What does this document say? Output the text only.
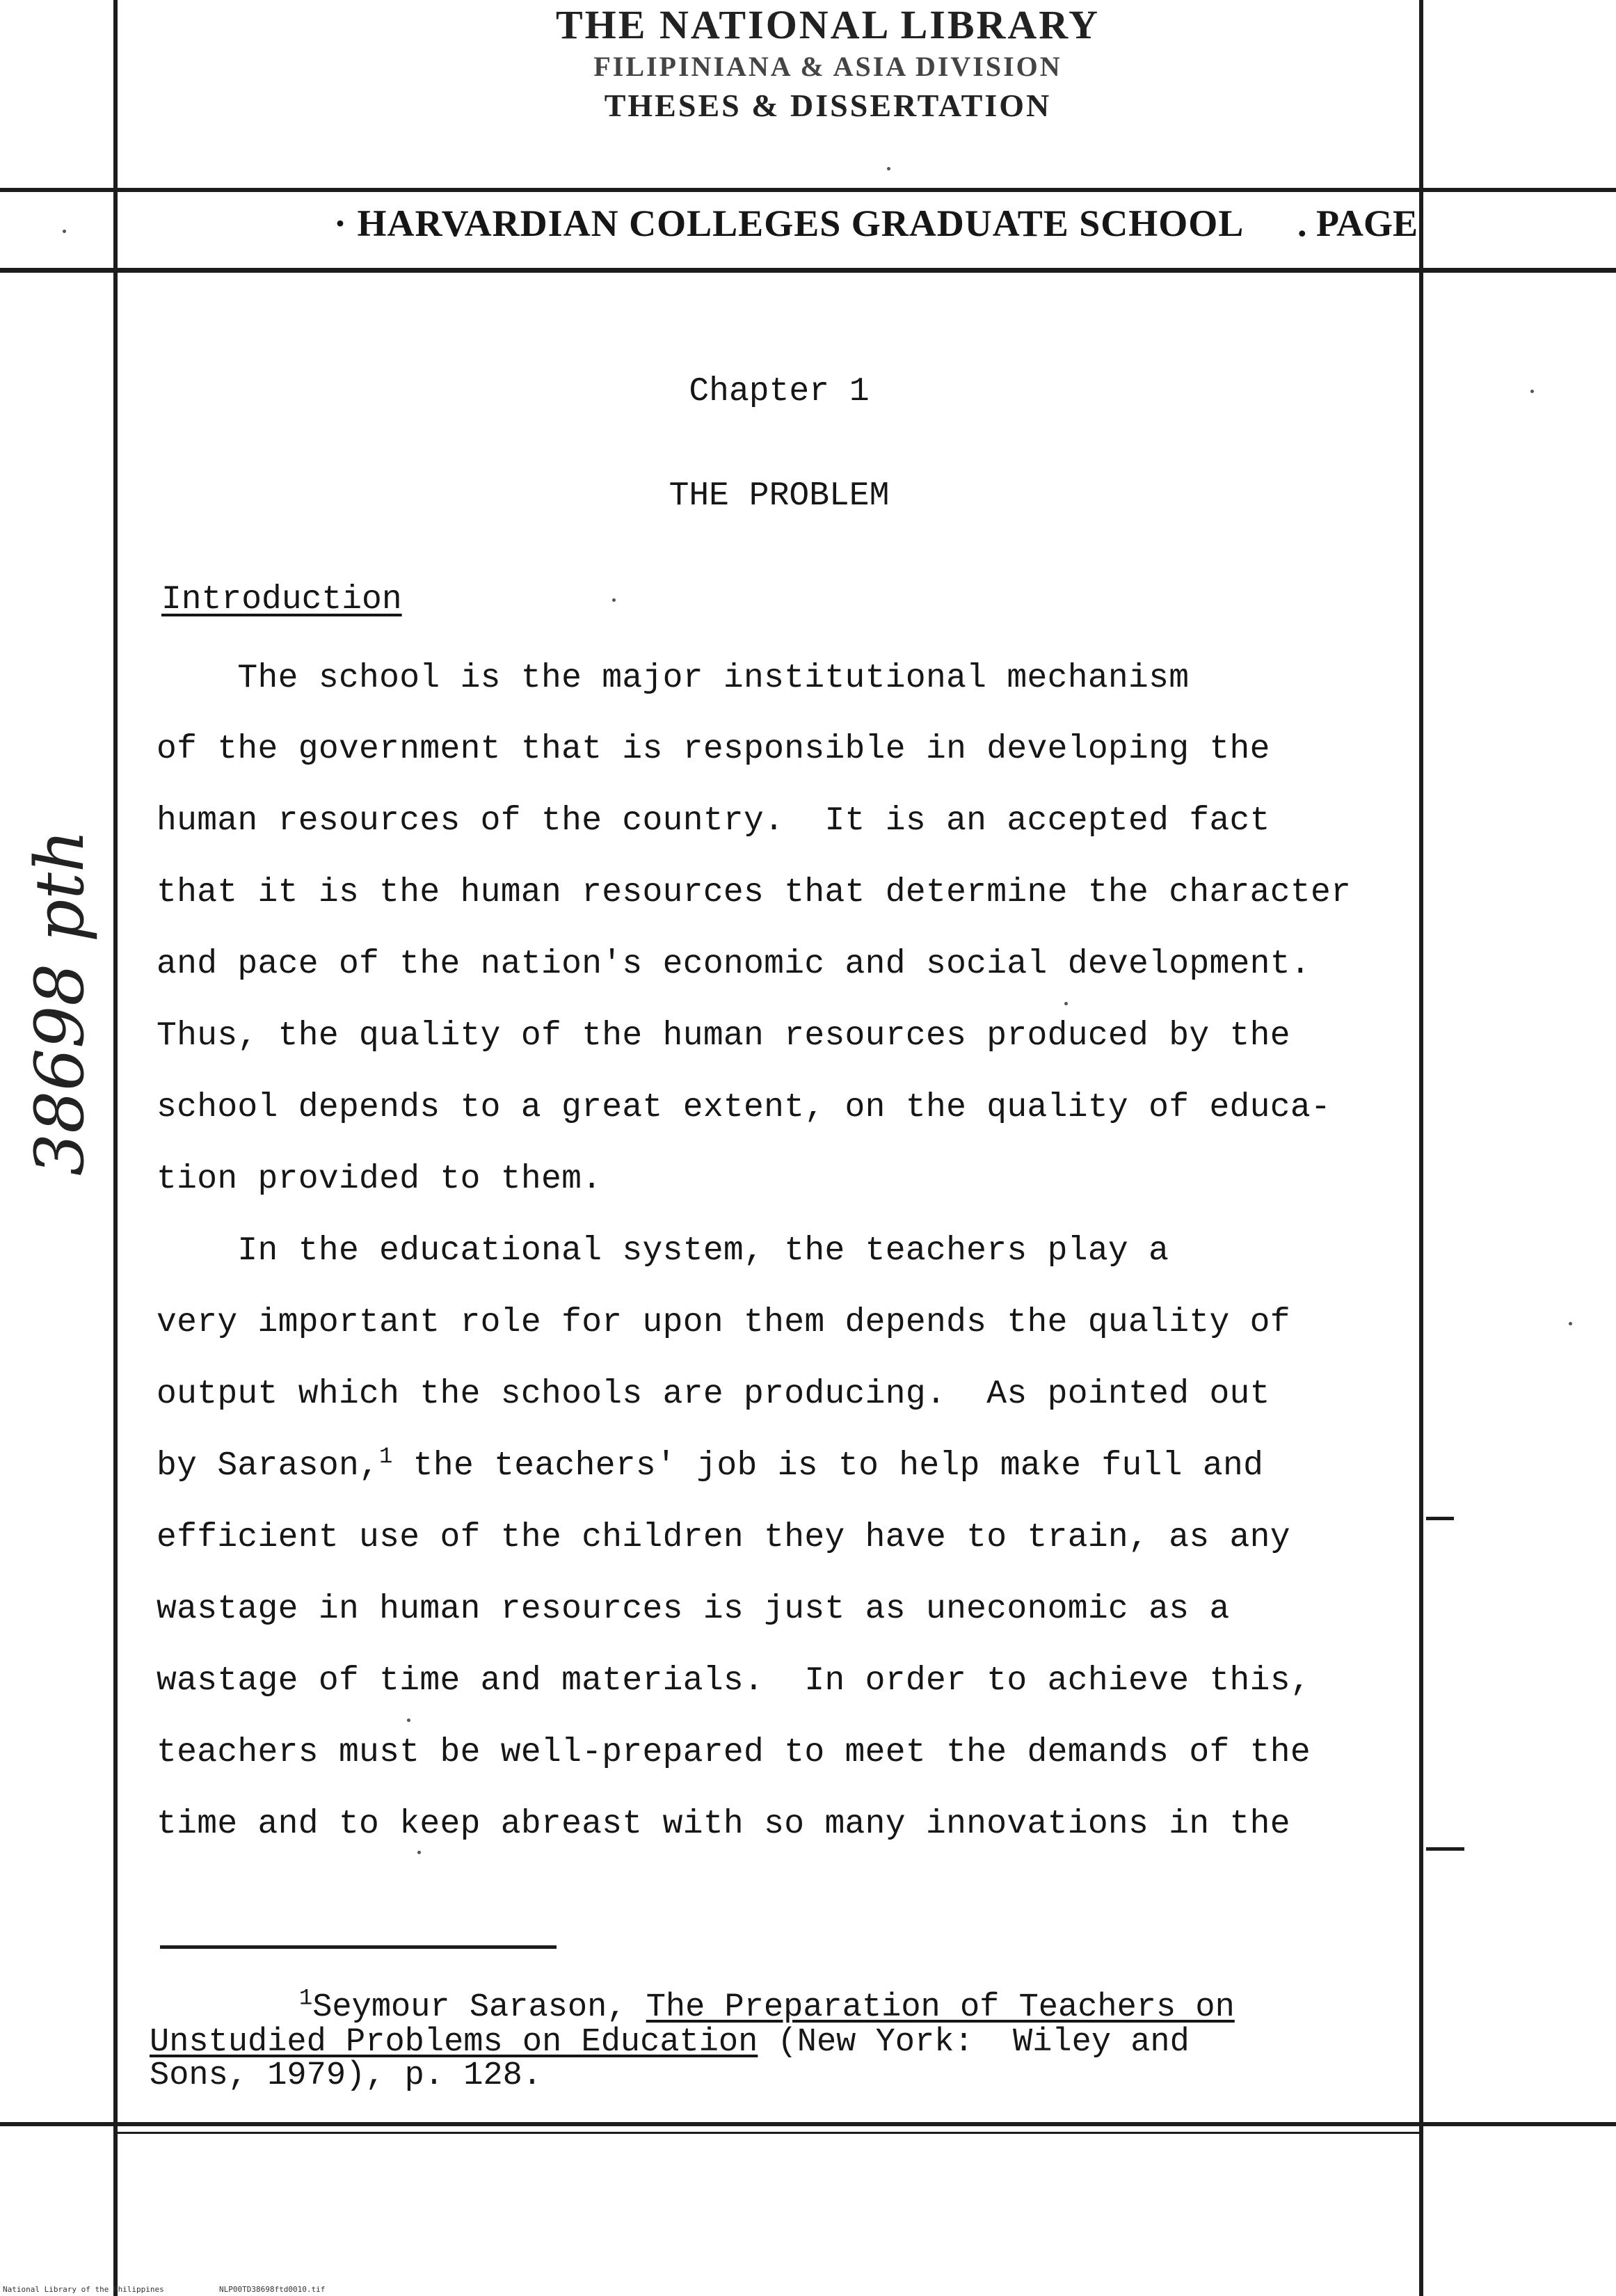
THE NATIONAL LIBRARY
FILIPINIANA & ASIA DIVISION
THESES & DISSERTATION
· HARVARDIAN COLLEGES GRADUATE SCHOOL . PAGE
Chapter 1
THE PROBLEM
Introduction
The school is the major institutional mechanism
of the government that is responsible in developing the
human resources of the country.  It is an accepted fact
that it is the human resources that determine the character
and pace of the nation's economic and social development.
Thus, the quality of the human resources produced by the
school depends to a great extent, on the quality of educa-
tion provided to them.
In the educational system, the teachers play a
very important role for upon them depends the quality of
output which the schools are producing.  As pointed out
by Sarason,$^1$ the teachers' job is to help make full and
efficient use of the children they have to train, as any
wastage in human resources is just as uneconomic as a
wastage of time and materials.  In order to achieve this,
teachers must be well-prepared to meet the demands of the
time and to keep abreast with so many innovations in the
$^1$Seymour Sarason, The Preparation of Teachers on
Unstudied Problems on Education (New York:  Wiley and
Sons, 1979), p. 128.
38698 pth
National Library of the Philippines	NLP00TD38698ftd0010.tif
